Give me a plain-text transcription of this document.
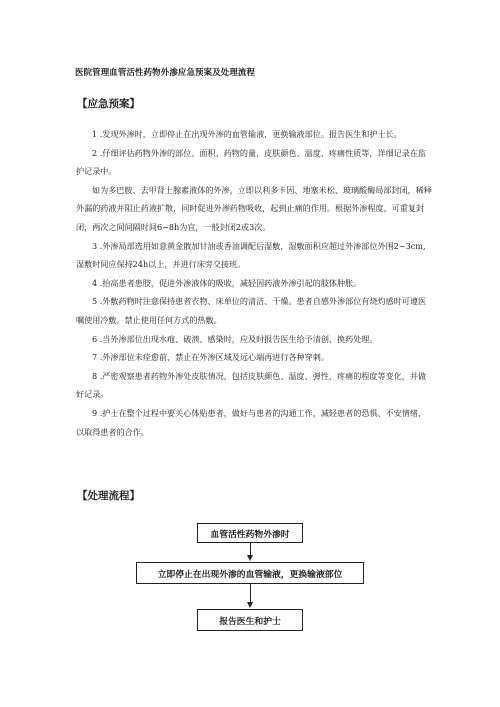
医院管理血管活性药物外渗应急预案及处理流程
【应急预案】

1 .发现外渗时，立即停止在出现外渗的血管输液，更换输液部位。报告医生和护士长。

2 .仔细评估药物外渗的部位、面积、药物的量，皮肤颜色、温度、疼痛性质等，详细记录在监护记录中。

如为多巴胺、去甲肾上腺素液体的外渗，立即以利多卡因、地塞米松、玻璃酸酶局部封闭，稀释外漏的药液并阻止药液扩散，同时促进外渗药物吸收，起到止痛的作用。根据外渗程度，可重复封闭，两次之间间隔时间6~8h为宜，一般封闭2或3次。

3 .外渗局部选用如意黄金散加甘油或香油调配后湿敷，湿敷面积应超过外渗部位外围2~3cm,湿敷时间应保持24h以上，并进行床旁交接班。

4 .抬高患者患肢，促进外渗液体的吸收，减轻因药液外渗引起的肢体肿胀。

5 .外敷药物时注意保持患者衣物、床单位的清洁、干燥。患者自感外渗部位有烧灼感时可遵医嘱使用冷敷。禁止使用任何方式的热敷。

6 .当外渗部位出现水疱、破溃、感染时，应及时报告医生给予清创、换药处理。

7 .外渗部位未痊愈前，禁止在外渗区域及远心端再进行各种穿刺。

8 .严密观察患者药物外渗处皮肤情况，包括皮肤颜色、温度、弹性、疼痛的程度等变化，并做好记录。

9 .护士在整个过程中要关心体贴患者，做好与患者的沟通工作，减轻患者的恐惧、不安情绪，以取得患者的合作。

【处理流程】
血管活性药物外渗时
立即停止在出现外渗的血管输液，更换输液部位
报告医生和护士
